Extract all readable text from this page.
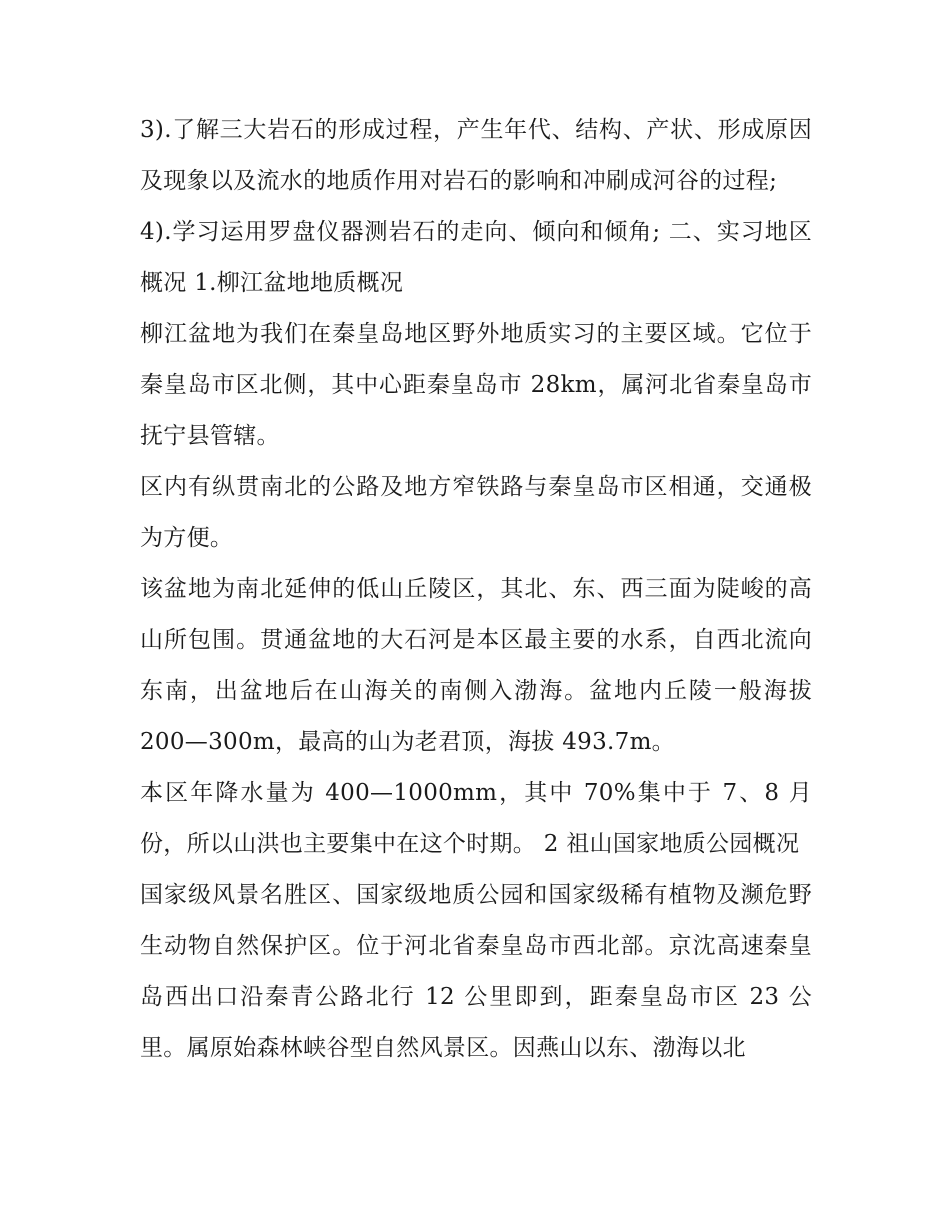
3).了解三大岩石的形成过程，产生年代、结构、产状、形成原因及现象以及流水的地质作用对岩石的影响和冲刷成河谷的过程;

4).学习运用罗盘仪器测岩石的走向、倾向和倾角; 二、实习地区概况 1.柳江盆地地质概况

柳江盆地为我们在秦皇岛地区野外地质实习的主要区域。它位于秦皇岛市区北侧，其中心距秦皇岛市 28km，属河北省秦皇岛市抚宁县管辖。

区内有纵贯南北的公路及地方窄铁路与秦皇岛市区相通，交通极为方便。

该盆地为南北延伸的低山丘陵区，其北、东、西三面为陡峻的高山所包围。贯通盆地的大石河是本区最主要的水系，自西北流向东南，出盆地后在山海关的南侧入渤海。盆地内丘陵一般海拔 200—300m，最高的山为老君顶，海拔 493.7m。

本区年降水量为 400—1000mm，其中 70%集中于 7、8 月份，所以山洪也主要集中在这个时期。 2 祖山国家地质公园概况

国家级风景名胜区、国家级地质公园和国家级稀有植物及濒危野生动物自然保护区。位于河北省秦皇岛市西北部。京沈高速秦皇岛西出口沿秦青公路北行 12 公里即到，距秦皇岛市区 23 公里。属原始森林峡谷型自然风景区。因燕山以东、渤海以北
